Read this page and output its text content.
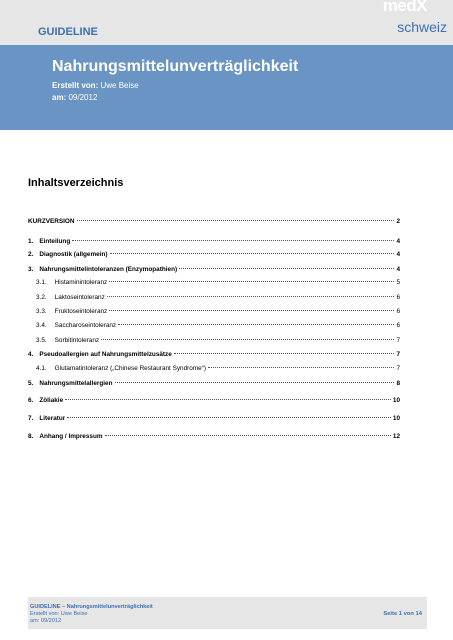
GUIDELINE
medX
schweiz
Nahrungsmittelunverträglichkeit
Erstellt von: Uwe Beise
am: 09/2012
Inhaltsverzeichnis
KURZVERSION	2
1. Einteilung	4
2. Diagnostik (allgemein)	4
3. Nahrungsmittelintoleranzen (Enzymopathien)	4
3.1. Histaminintoleranz	5
3.2. Laktoseintoleranz	6
3.3. Fruktoseintoleranz	6
3.4. Saccharoseintoleranz	6
3.5. Sorbitintoleranz	7
4. Pseudoallergien auf Nahrungsmittelzusätze	7
4.1. Glutamatintoleranz („Chinese Restaurant Syndrome“)	7
5. Nahrungsmittelallergien	8
6. Zöliakie	10
7. Literatur	10
8. Anhang / Impressum	12
GUIDELINE – Nahrungsmittelunverträglichkeit
Erstellt von: Uwe Beise
am: 09/2012
Seite 1 von 14
